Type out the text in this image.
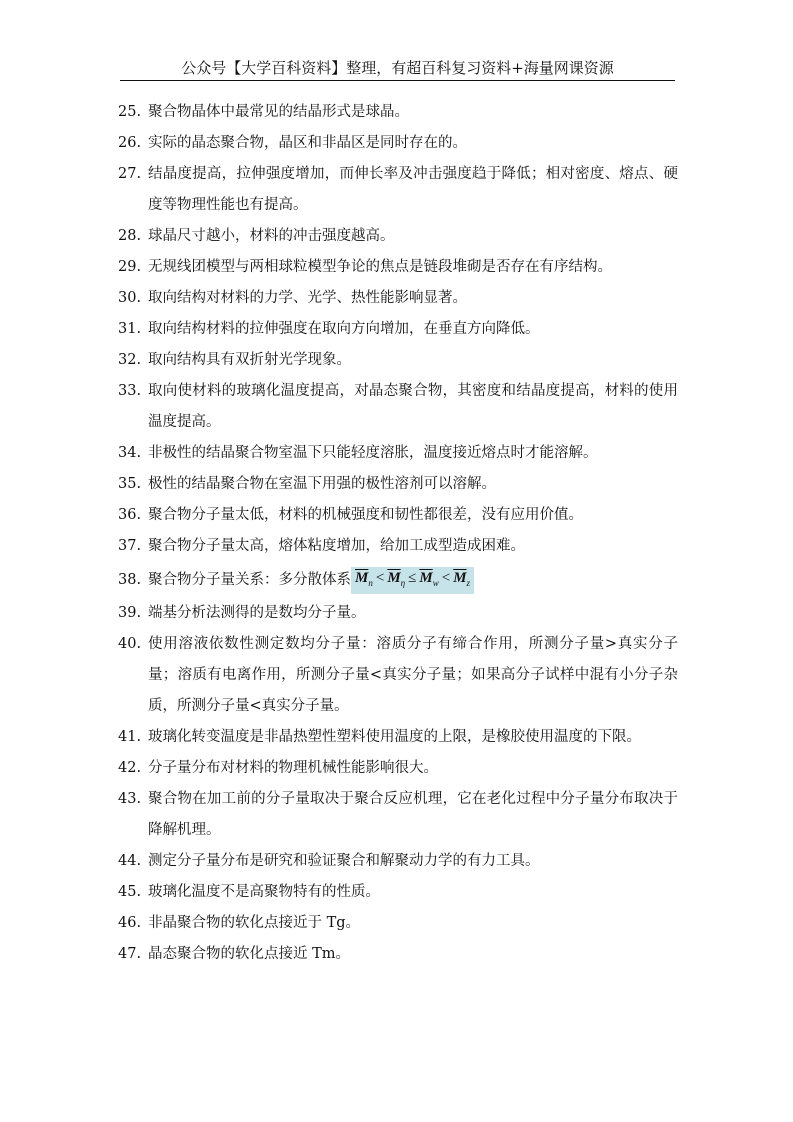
公众号【大学百科资料】整理，有超百科复习资料+海量网课资源
25. 聚合物晶体中最常见的结晶形式是球晶。
26. 实际的晶态聚合物，晶区和非晶区是同时存在的。
27. 结晶度提高，拉伸强度增加，而伸长率及冲击强度趋于降低；相对密度、熔点、硬度等物理性能也有提高。
28. 球晶尺寸越小，材料的冲击强度越高。
29. 无规线团模型与两相球粒模型争论的焦点是链段堆砌是否存在有序结构。
30. 取向结构对材料的力学、光学、热性能影响显著。
31. 取向结构材料的拉伸强度在取向方向增加，在垂直方向降低。
32. 取向结构具有双折射光学现象。
33. 取向使材料的玻璃化温度提高，对晶态聚合物，其密度和结晶度提高，材料的使用温度提高。
34. 非极性的结晶聚合物室温下只能轻度溶胀，温度接近熔点时才能溶解。
35. 极性的结晶聚合物在室温下用强的极性溶剂可以溶解。
36. 聚合物分子量太低，材料的机械强度和韧性都很差，没有应用价值。
37. 聚合物分子量太高，熔体粘度增加，给加工成型造成困难。
38. 聚合物分子量关系：多分散体系 $\overline{M}_n < \overline{M}_\eta \le \overline{M}_w < \overline{M}_z$
39. 端基分析法测得的是数均分子量。
40. 使用溶液依数性测定数均分子量：溶质分子有缔合作用，所测分子量>真实分子量；溶质有电离作用，所测分子量<真实分子量；如果高分子试样中混有小分子杂质，所测分子量<真实分子量。
41. 玻璃化转变温度是非晶热塑性塑料使用温度的上限，是橡胶使用温度的下限。
42. 分子量分布对材料的物理机械性能影响很大。
43. 聚合物在加工前的分子量取决于聚合反应机理，它在老化过程中分子量分布取决于降解机理。
44. 测定分子量分布是研究和验证聚合和解聚动力学的有力工具。
45. 玻璃化温度不是高聚物特有的性质。
46. 非晶聚合物的软化点接近于 Tg。
47. 晶态聚合物的软化点接近 Tm。
